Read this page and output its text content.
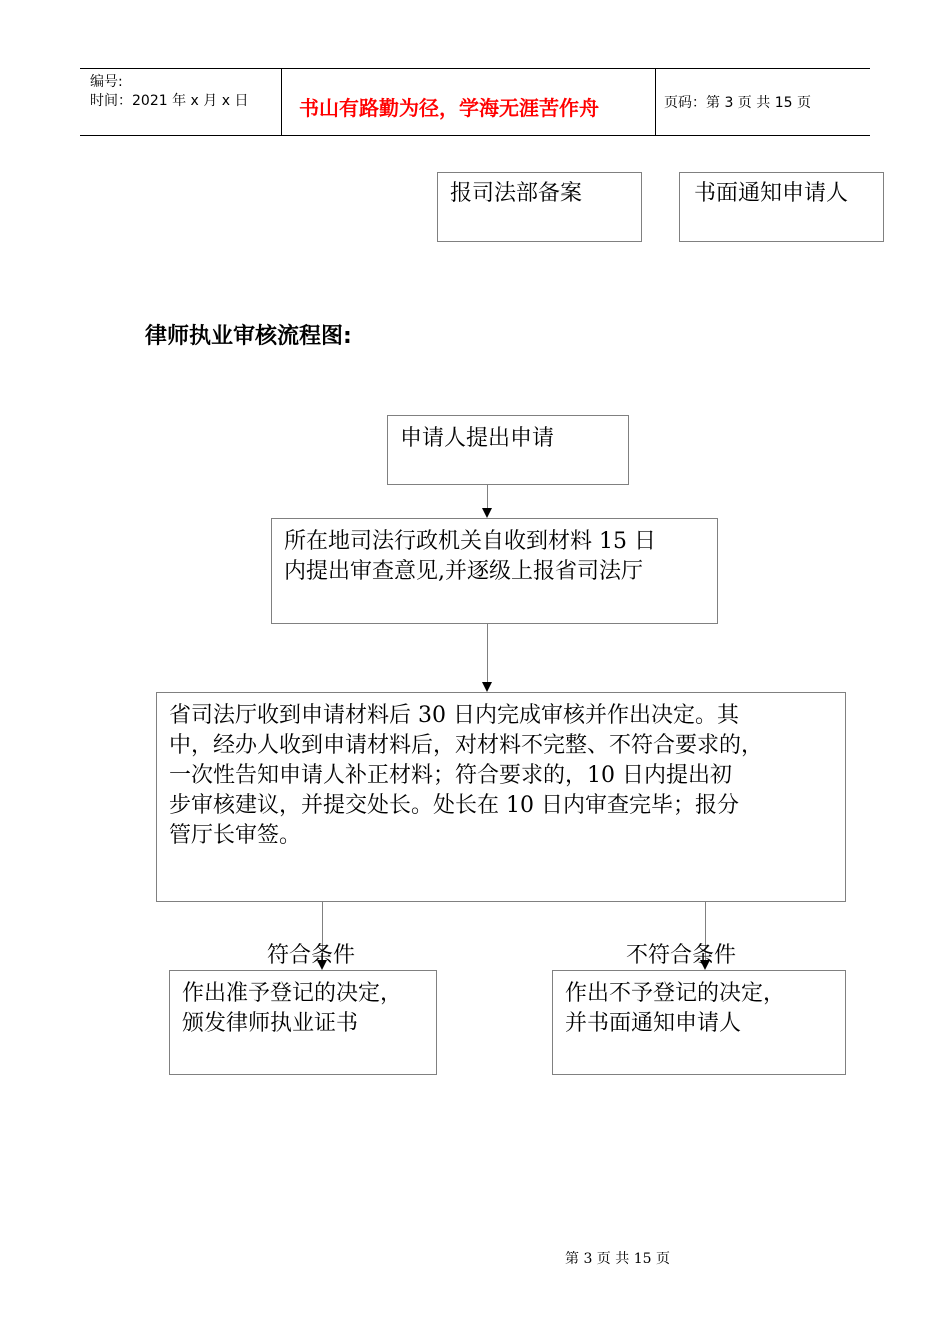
编号:
时间：2021 年 x 月 x 日	书山有路勤为径，学海无涯苦作舟	页码：第 3 页 共 15 页
报司法部备案	书面通知申请人
律师执业审核流程图:
申请人提出申请
所在地司法行政机关自收到材料 15 日
内提出审查意见,并逐级上报省司法厅
省司法厅收到申请材料后 30 日内完成审核并作出决定。其
中，经办人收到申请材料后，对材料不完整、不符合要求的，
一次性告知申请人补正材料；符合要求的，10 日内提出初
步审核建议，并提交处长。处长在 10 日内审查完毕；报分
管厅长审签。
符合条件	不符合条件
作出准予登记的决定，
颁发律师执业证书
作出不予登记的决定，
并书面通知申请人
第 3 页 共 15 页
